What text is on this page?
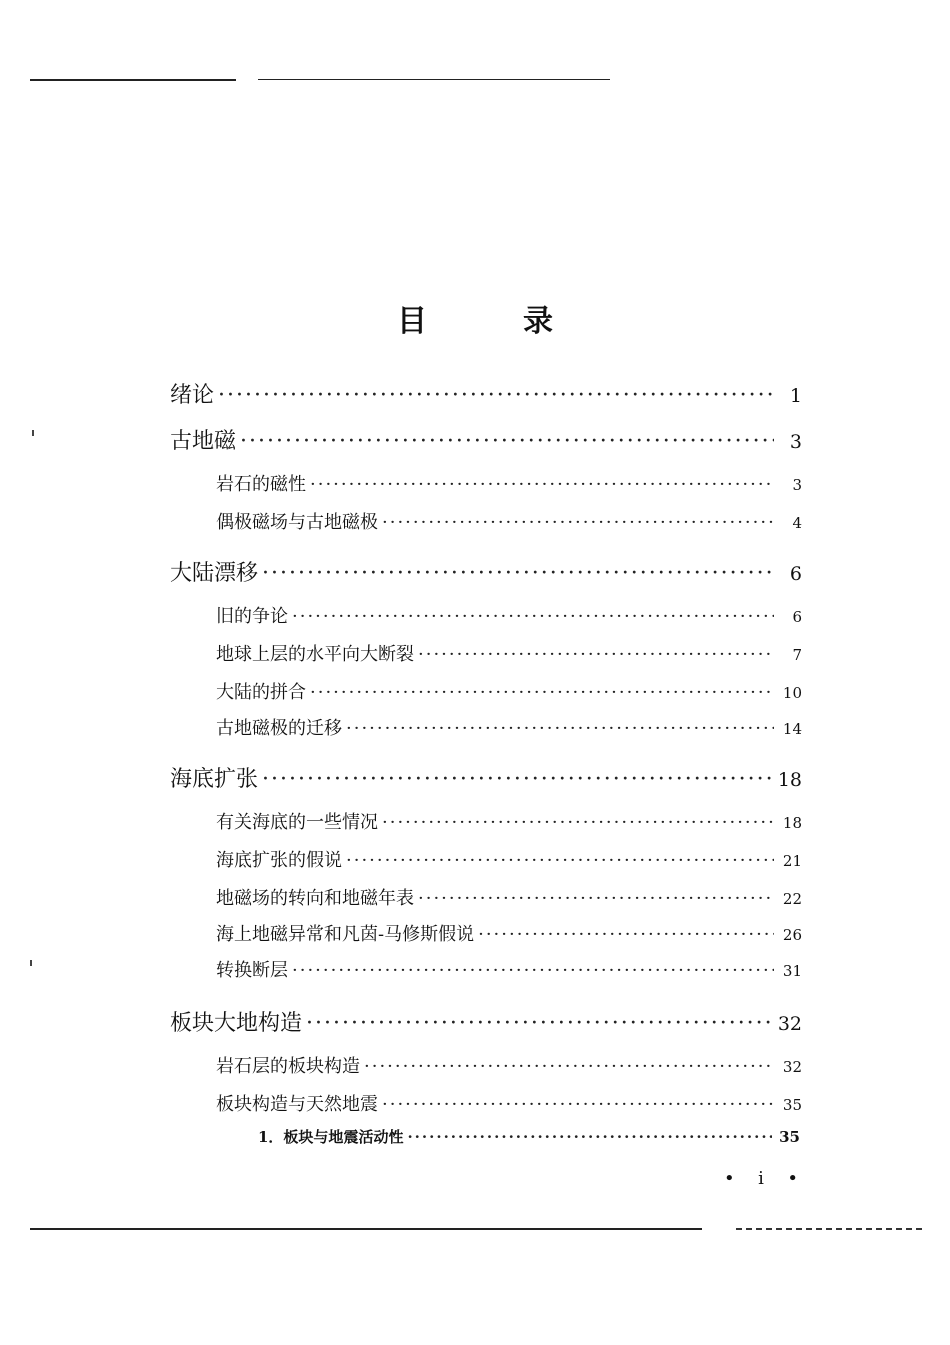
目	录
绪论 ·····	1
古地磁 ·····	3
岩石的磁性 ·····	3
偶极磁场与古地磁极 ·····	4
大陆漂移 ·····	6
旧的争论 ·····	6
地球上层的水平向大断裂 ·····	7
大陆的拼合 ·····	10
古地磁极的迁移 ·····	14
海底扩张 ·····	18
有关海底的一些情况 ·····	18
海底扩张的假说 ·····	21
地磁场的转向和地磁年表 ·····	22
海上地磁异常和凡茵-马修斯假说 ·····	26
转换断层 ·····	31
板块大地构造 ·····	32
岩石层的板块构造 ·····	32
板块构造与天然地震 ·····	35
1．板块与地震活动性 ·····	35
• i •
